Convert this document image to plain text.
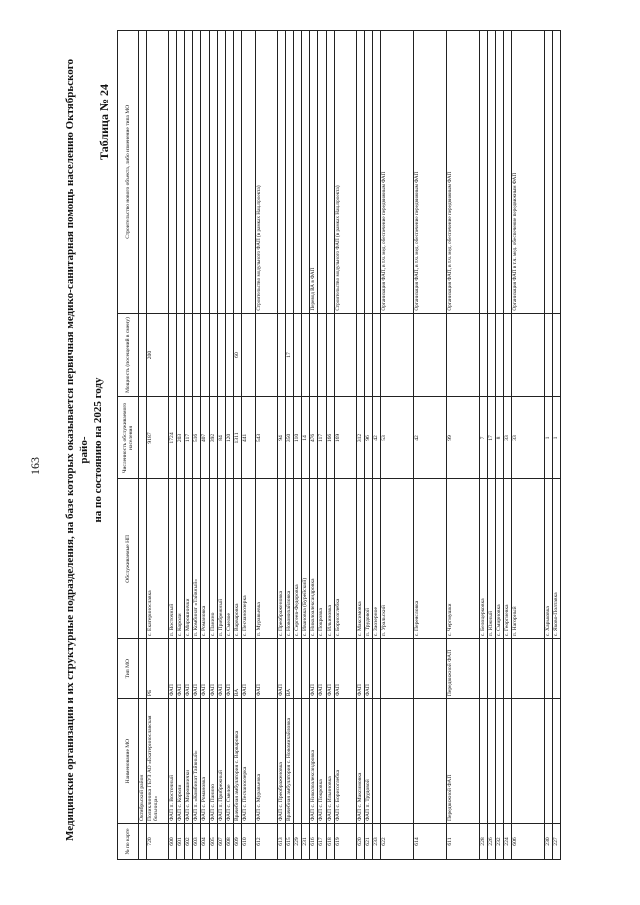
163 Медицинские организации и их структурные подразделения, на базе которых оказывается первичная медико-санитарная помощь населению Октябрьского райо- на по состоянию на 2025 году
Таблица № 24
№ по карте	Наименование МО	Тип МО	Обслуживаемые НП	Численность обслуживаемого населения	Мощность (посещений в смену)	Строительство нового объекта, либо изменение типа МО
	Октябрьский район					
720	Поликлиника ГБУЗ АО «Екатеринославская больница»	РБ	с. Екатеринославка	9187	200	
600	ФАП п. Восточный	ФАП	п. Восточный	1724		
601	ФАП с. Короли	ФАП	с. Короли	203		
602	ФАП с. Мирошнички	ФАП	с. Мирошнички	117		
603	ФАП п. «Комбинат Тайвный»	ФАП	п. Комбинат «Тайвный»	516		
604	ФАП с. Романовка	ФАП	с. Романовка	407		
605	ФАП с. Панино	ФАП	с. Панино	392		
607	ФАП п. Прибрежный	ФАП	п. Прибрежный	84		
608	ФАП с. Смелое	ФАП	с. Смелое	120		
609	Врачебная амбулатория с. Варваровка	ВА	с. Варваровка	1311	60	
610	ФАП с. Песчаноозерка	ФАП	с. Песчаноозерка	441		
612	ФАП с. Муравьевка	ФАП	п. Муравьевка	543		Строительство модульного ФАП (в рамках Нац.проекта)
613	ФАП с. Преображеновка	ФАП	с. Преображеновка	94		
615	Врачебная амбулатория с. Новомихайловка	ВА	с. Новомихайловка	350	17	
229			с. Сергеев-Федоровка	110		
231			с. Ивановка (Бурейский)	14		
616	ФАП с. Николоалександровка	ФАП	с. Николоалександровка	476		Перевод ВА в ФАП
617	ФАП с. Покровка	ФАП	с. Покровка	117		
618	ФАП с. Ильиновка	ФАП	с. Ильиновка	166		
619	ФАП с. Борисоглебка	ФАП	с. Борисоглебка	169		Строительство модульного ФАП (в рамках Нац.проекта)
620	ФАП с. Максимовка	ФАП	с. Максимовка	312		
621	ФАП п. Трудовой	ФАП	п. Трудовой	96		
233			с. Заозерное	42		
622			п. Уральский	53		Организация ФАП, в т.ч. мед. обеспечение передвижным ФАП
614			с. Переясловка	42		Организация ФАП, в т.ч. мед. обеспечение передвижным ФАП
611	Передвижной ФАП	Передвижной ФАП	с. Чергмушки	99		Организация ФАП, в т.ч. мед. обеспечение передвижным ФАП
228			с. Белоцерковка	7		
226			п. Южный	17		
232			с. Смирновка	8		
224			с. Георгиевка	33		
606			п. Нагорный	33		Организация ФАП в т.ч. мед. обеспечение передвижным ФАП
230			с. Харьковка	1		
227			с. Яково-Полтавка	1		
